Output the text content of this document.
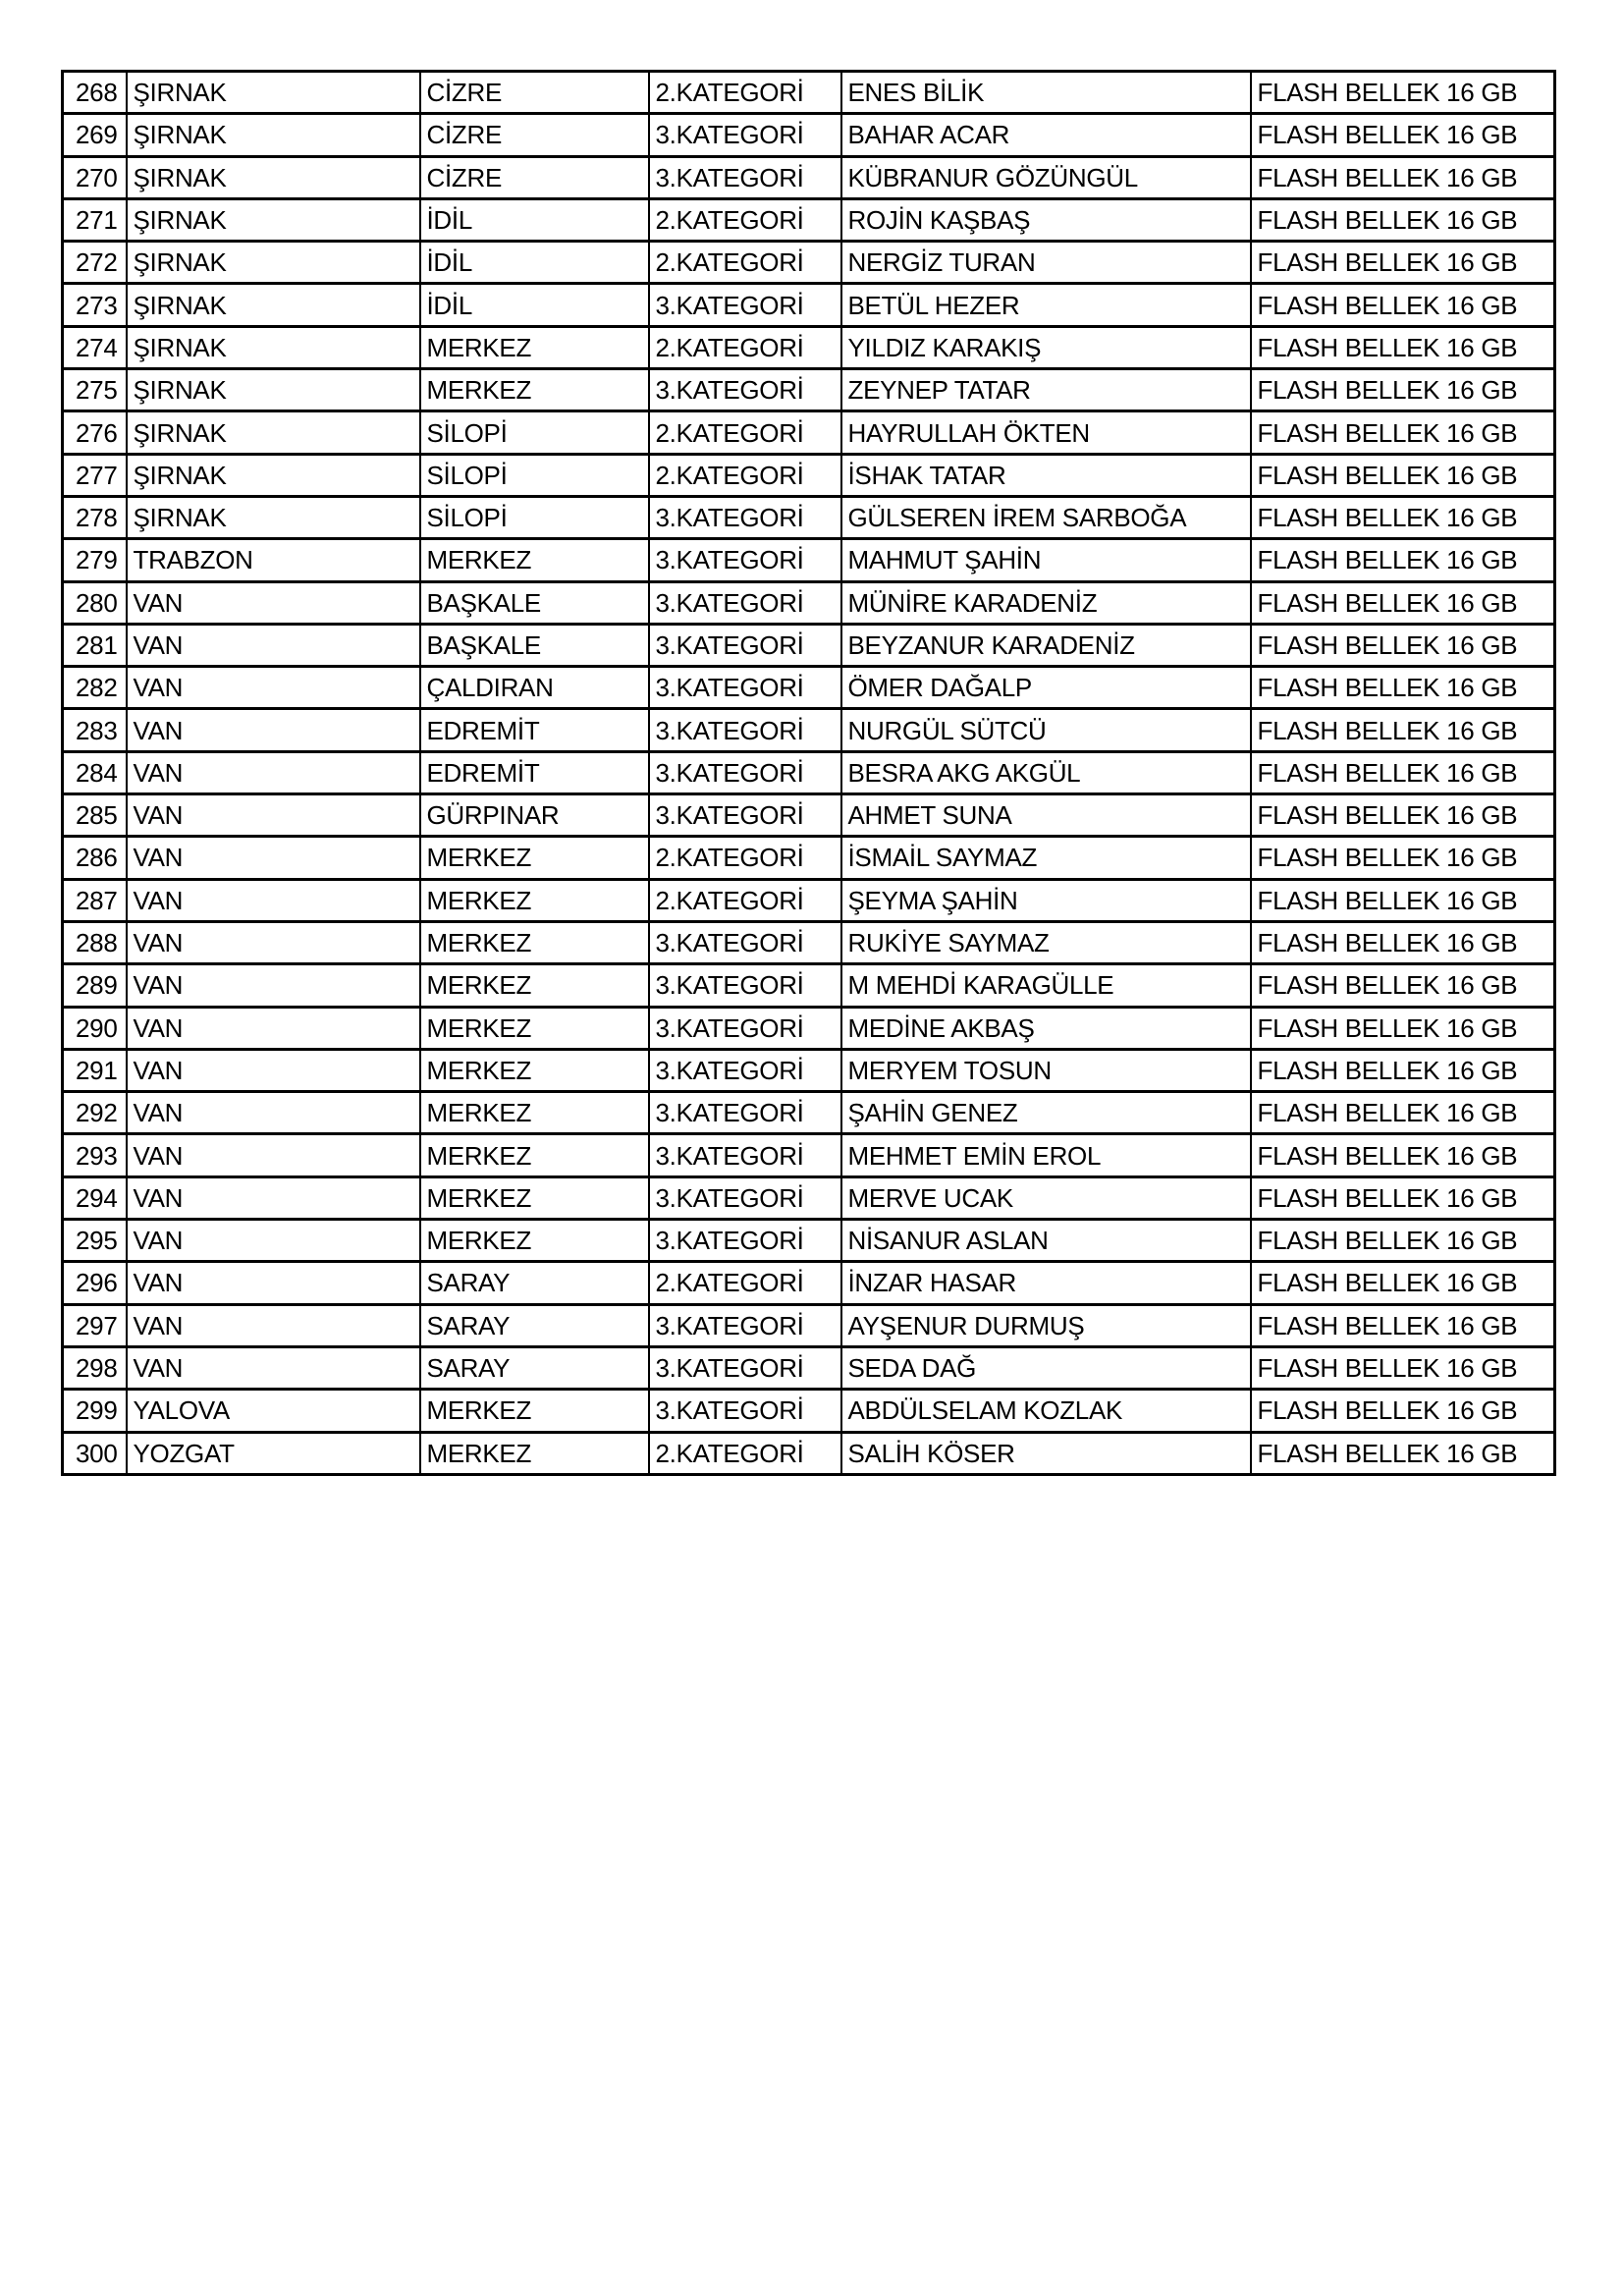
268	ŞIRNAK	CİZRE	2.KATEGORİ	ENES BİLİK	FLASH BELLEK 16 GB
269	ŞIRNAK	CİZRE	3.KATEGORİ	BAHAR ACAR	FLASH BELLEK 16 GB
270	ŞIRNAK	CİZRE	3.KATEGORİ	KÜBRANUR GÖZÜNGÜL	FLASH BELLEK 16 GB
271	ŞIRNAK	İDİL	2.KATEGORİ	ROJİN KAŞBAŞ	FLASH BELLEK 16 GB
272	ŞIRNAK	İDİL	2.KATEGORİ	NERGİZ TURAN	FLASH BELLEK 16 GB
273	ŞIRNAK	İDİL	3.KATEGORİ	BETÜL HEZER	FLASH BELLEK 16 GB
274	ŞIRNAK	MERKEZ	2.KATEGORİ	YILDIZ KARAKIŞ	FLASH BELLEK 16 GB
275	ŞIRNAK	MERKEZ	3.KATEGORİ	ZEYNEP TATAR	FLASH BELLEK 16 GB
276	ŞIRNAK	SİLOPİ	2.KATEGORİ	HAYRULLAH ÖKTEN	FLASH BELLEK 16 GB
277	ŞIRNAK	SİLOPİ	2.KATEGORİ	İSHAK TATAR	FLASH BELLEK 16 GB
278	ŞIRNAK	SİLOPİ	3.KATEGORİ	GÜLSEREN İREM SARBOĞA	FLASH BELLEK 16 GB
279	TRABZON	MERKEZ	3.KATEGORİ	MAHMUT ŞAHİN	FLASH BELLEK 16 GB
280	VAN	BAŞKALE	3.KATEGORİ	MÜNİRE KARADENİZ	FLASH BELLEK 16 GB
281	VAN	BAŞKALE	3.KATEGORİ	BEYZANUR KARADENİZ	FLASH BELLEK 16 GB
282	VAN	ÇALDIRAN	3.KATEGORİ	ÖMER DAĞALP	FLASH BELLEK 16 GB
283	VAN	EDREMİT	3.KATEGORİ	NURGÜL SÜTCÜ	FLASH BELLEK 16 GB
284	VAN	EDREMİT	3.KATEGORİ	BESRA AKG AKGÜL	FLASH BELLEK 16 GB
285	VAN	GÜRPINAR	3.KATEGORİ	AHMET SUNA	FLASH BELLEK 16 GB
286	VAN	MERKEZ	2.KATEGORİ	İSMAİL SAYMAZ	FLASH BELLEK 16 GB
287	VAN	MERKEZ	2.KATEGORİ	ŞEYMA ŞAHİN	FLASH BELLEK 16 GB
288	VAN	MERKEZ	3.KATEGORİ	RUKİYE SAYMAZ	FLASH BELLEK 16 GB
289	VAN	MERKEZ	3.KATEGORİ	M MEHDİ KARAGÜLLE	FLASH BELLEK 16 GB
290	VAN	MERKEZ	3.KATEGORİ	MEDİNE AKBAŞ	FLASH BELLEK 16 GB
291	VAN	MERKEZ	3.KATEGORİ	MERYEM TOSUN	FLASH BELLEK 16 GB
292	VAN	MERKEZ	3.KATEGORİ	ŞAHİN GENEZ	FLASH BELLEK 16 GB
293	VAN	MERKEZ	3.KATEGORİ	MEHMET EMİN EROL	FLASH BELLEK 16 GB
294	VAN	MERKEZ	3.KATEGORİ	MERVE UCAK	FLASH BELLEK 16 GB
295	VAN	MERKEZ	3.KATEGORİ	NİSANUR ASLAN	FLASH BELLEK 16 GB
296	VAN	SARAY	2.KATEGORİ	İNZAR HASAR	FLASH BELLEK 16 GB
297	VAN	SARAY	3.KATEGORİ	AYŞENUR DURMUŞ	FLASH BELLEK 16 GB
298	VAN	SARAY	3.KATEGORİ	SEDA DAĞ	FLASH BELLEK 16 GB
299	YALOVA	MERKEZ	3.KATEGORİ	ABDÜLSELAM KOZLAK	FLASH BELLEK 16 GB
300	YOZGAT	MERKEZ	2.KATEGORİ	SALİH KÖSER	FLASH BELLEK 16 GB
